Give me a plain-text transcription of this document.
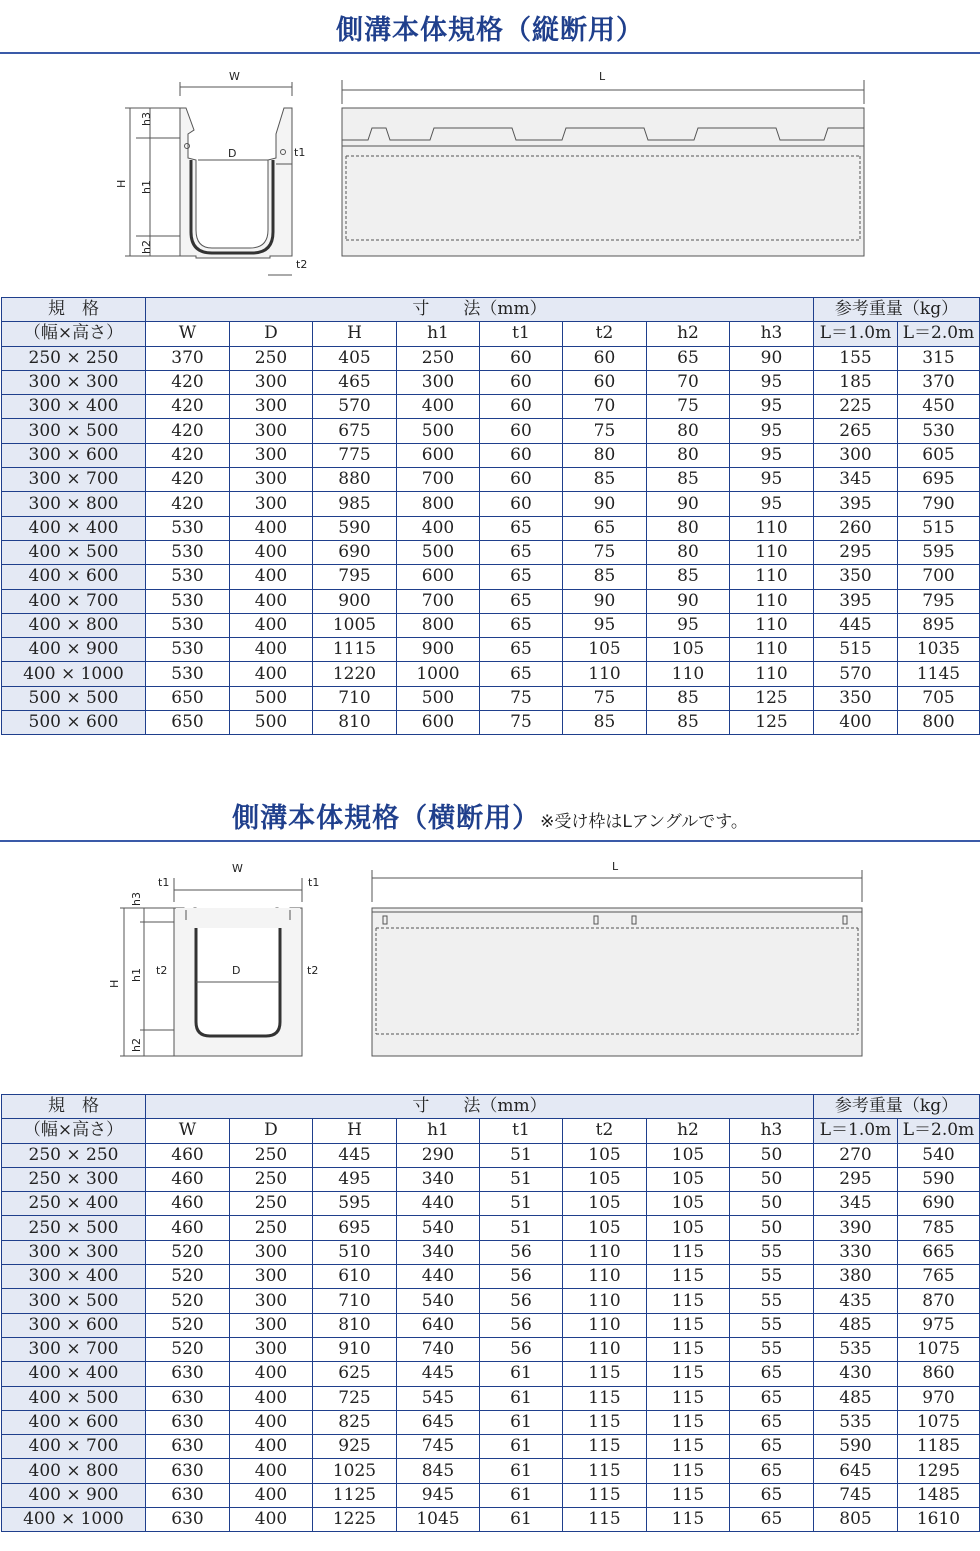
側溝本体規格（縦断用）
W
D	t1
t2
H
h3
h1
h2
L
規　格	寸　　法（mm）								参考重量（kg）	
（幅×高さ）	W	D	H	h1	t1	t2	h2	h3	L＝1.0m	L＝2.0m
250 × 250	370	250	405	250	60	60	65	90	155	315
300 × 300	420	300	465	300	60	60	70	95	185	370
300 × 400	420	300	570	400	60	70	75	95	225	450
300 × 500	420	300	675	500	60	75	80	95	265	530
300 × 600	420	300	775	600	60	80	80	95	300	605
300 × 700	420	300	880	700	60	85	85	95	345	695
300 × 800	420	300	985	800	60	90	90	95	395	790
400 × 400	530	400	590	400	65	65	80	110	260	515
400 × 500	530	400	690	500	65	75	80	110	295	595
400 × 600	530	400	795	600	65	85	85	110	350	700
400 × 700	530	400	900	700	65	90	90	110	395	795
400 × 800	530	400	1005	800	65	95	95	110	445	895
400 × 900	530	400	1115	900	65	105	105	110	515	1035
400 × 1000	530	400	1220	1000	65	110	110	110	570	1145
500 × 500	650	500	710	500	75	75	85	125	350	705
500 × 600	650	500	810	600	75	85	85	125	400	800
側溝本体規格（横断用）※受け枠はLアングルです。
W
t1	t1
D
t2	t2
H
h3
h1
h2
L
規　格	寸　　法（mm）								参考重量（kg）	
（幅×高さ）	W	D	H	h1	t1	t2	h2	h3	L＝1.0m	L＝2.0m
250 × 250	460	250	445	290	51	105	105	50	270	540
250 × 300	460	250	495	340	51	105	105	50	295	590
250 × 400	460	250	595	440	51	105	105	50	345	690
250 × 500	460	250	695	540	51	105	105	50	390	785
300 × 300	520	300	510	340	56	110	115	55	330	665
300 × 400	520	300	610	440	56	110	115	55	380	765
300 × 500	520	300	710	540	56	110	115	55	435	870
300 × 600	520	300	810	640	56	110	115	55	485	975
300 × 700	520	300	910	740	56	110	115	55	535	1075
400 × 400	630	400	625	445	61	115	115	65	430	860
400 × 500	630	400	725	545	61	115	115	65	485	970
400 × 600	630	400	825	645	61	115	115	65	535	1075
400 × 700	630	400	925	745	61	115	115	65	590	1185
400 × 800	630	400	1025	845	61	115	115	65	645	1295
400 × 900	630	400	1125	945	61	115	115	65	745	1485
400 × 1000	630	400	1225	1045	61	115	115	65	805	1610
